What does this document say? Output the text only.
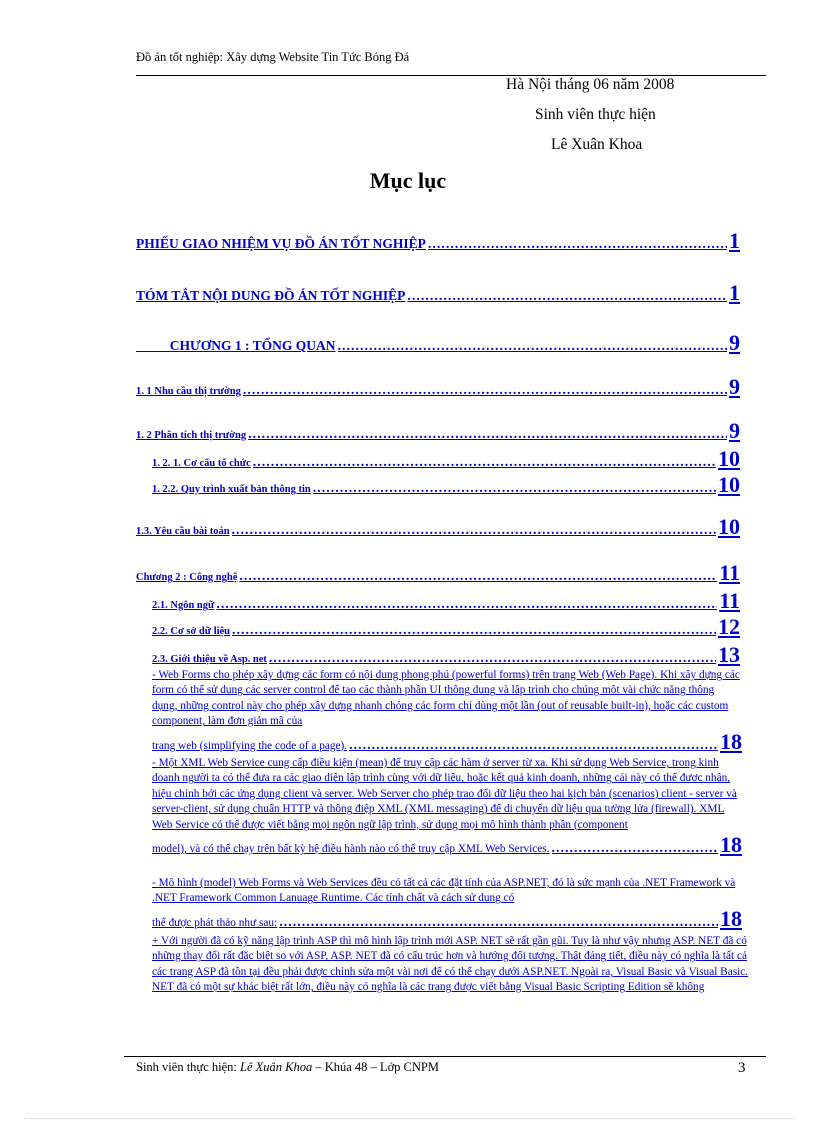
Đồ án tốt nghiệp: Xây dựng Website Tin Tức Bóng Đá
Hà Nội tháng 06 năm 2008
Sinh viên thực hiện
Lê Xuân Khoa
Mục lục
PHIẾU GIAO NHIỆM VỤ ĐỒ ÁN TỐT NGHIỆP .....	1
TÓM TẮT NỘI DUNG ĐỒ ÁN TỐT NGHIỆP .....	1
CHƯƠNG 1 : TỔNG QUAN .....	9
1. 1 Nhu cầu thị trường .....	9
1. 2 Phân tích thị trường .....	9
1. 2. 1. Cơ cấu tổ chức .....	10
1. 2.2. Quy trình xuất bản thông tin .....	10
1.3. Yêu cầu bài toán .....	10
Chương 2 : Công nghệ .....	11
2.1. Ngôn ngữ .....	11
2.2. Cơ sở dữ liệu .....	12
2.3. Giới thiệu về Asp. net .....	13
- Web Forms cho phép xây dựng các form có nội dung phong phú (powerful forms) trên trang Web (Web Page). Khi xây dựng các form có thể sử dụng các server control để tạo các thành phần UI thông dụng và lập trình cho chúng một vài chức năng thông dụng, những control này cho phép xây dựng nhanh chóng các form chỉ dùng một lần (out of reusable built-in), hoặc các custom component, làm đơn giản mã của
trang web (simplifying the code of a page). .....	18
- Một XML Web Service cung cấp điều kiện (mean) để truy cập các hàm ở server từ xa. Khi sử dụng Web Service, trong kinh doanh người ta có thể đưa ra các giao diện lập trình cùng với dữ liệu, hoặc kết quả kinh doanh, những cái này có thể được nhận, hiệu chỉnh bởi các ứng dụng client và server. Web Server cho phép trao đổi dữ liệu theo hai kịch bản (scenarios) client - server và server-client, sử dụng chuẩn HTTP và thông điệp XML (XML messaging) để di chuyển dữ liệu qua tường lửa (firewall). XML Web Service có thể được viết bằng mọi ngôn ngữ lập trình, sử dụng mọi mô hình thành phần (component
model), và có thể chạy trên bất kỳ hệ điều hành nào có thể truy cập XML Web Services. .....	18
- Mô hình (model) Web Forms và Web Services đều có tất cả các đặt tính của ASP.NET, đó là sức mạnh của .NET Framework và .NET Framework Common Lanuage Runtime. Các tính chất và cách sử dụng có
thể được phát thảo như sau: .....	18
+ Với người đã có kỹ năng lập trình ASP thì mô hình lập trình mới ASP. NET sẽ rất gần gũi. Tuy là như vậy nhưng ASP. NET đã có những thay đổi rất đặc biệt so với ASP, ASP. NET đã có cấu trúc hơn và hướng đối tượng. Thật đáng tiết, điều này có nghĩa là tất cả các trang ASP đã tồn tại đều phải được chỉnh sửa một vài nơi để có thể chạy dưới ASP.NET. Ngoài ra, Visual Basic và Visual Basic. NET đã có một sự khác biệt rất lớn, điều này có nghĩa là các trang được viết bằng Visual Basic Scripting Edition sẽ không
Sinh viên thực hiện: Lê Xuân Khoa – Khúa 48 – Lớp CNPM	3
